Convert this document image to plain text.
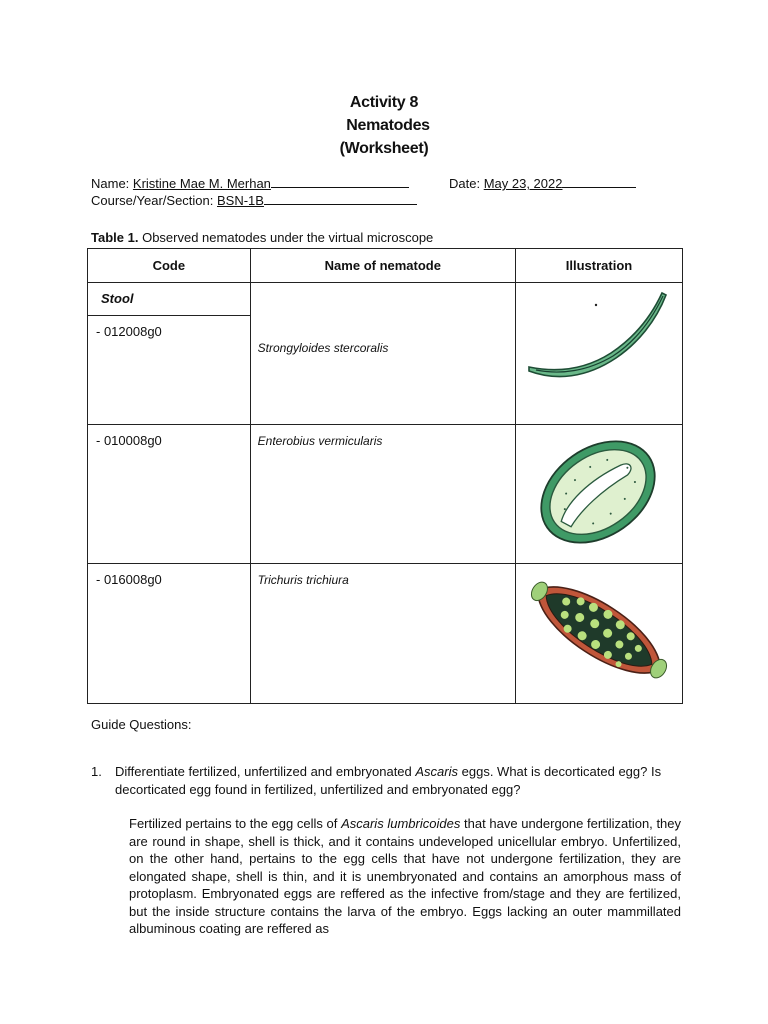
Activity 8
Nematodes
(Worksheet)
Name: Kristine Mae M. Merhan	Date: May 23, 2022
Course/Year/Section: BSN-1B
Table 1. Observed nematodes under the virtual microscope
Code	Name of nematode	Illustration

Stool
- 012008g0	Strongyloides stercoralis

- 010008g0	Enterobius vermicularis

- 016008g0	Trichuris trichiura

Guide Questions:
1. Differentiate fertilized, unfertilized and embryonated Ascaris eggs. What is decorticated egg? Is
decorticated egg found in fertilized, unfertilized and embryonated egg?
Fertilized pertains to the egg cells of Ascaris lumbricoides that have undergone fertilization, they are round in shape, shell is thick, and it contains undeveloped unicellular embryo. Unfertilized, on the other hand, pertains to the egg cells that have not undergone fertilization, they are elongated shape, shell is thin, and it is unembryonated and contains an amorphous mass of protoplasm. Embryonated eggs are reffered as the infective from/stage and they are fertilized, but the inside structure contains the larva of the embryo. Eggs lacking an outer mammillated albuminous coating are reffered as
